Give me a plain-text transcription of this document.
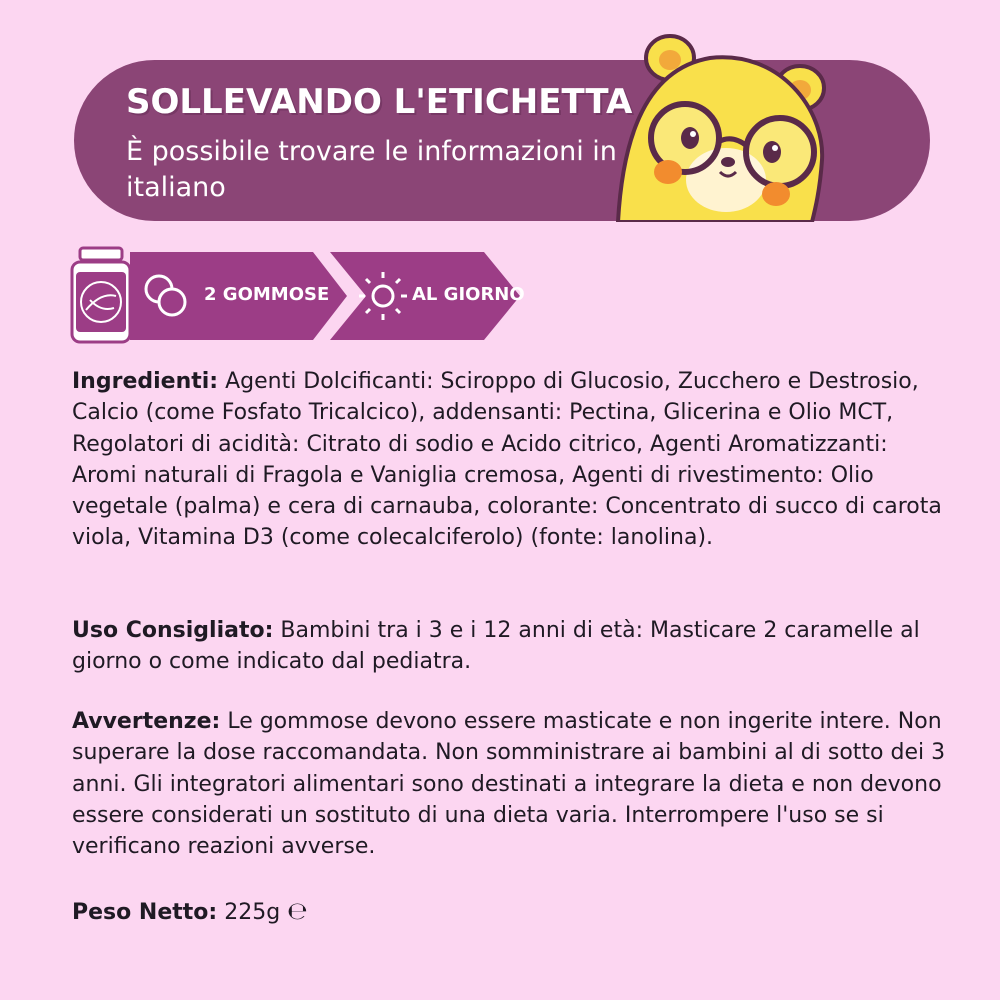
SOLLEVANDO L'ETICHETTA
È possibile trovare le informazioni in italiano
2 GOMMOSE	AL GIORNO
Ingredienti: Agenti Dolcificanti: Sciroppo di Glucosio, Zucchero e Destrosio, Calcio (come Fosfato Tricalcico), addensanti: Pectina, Glicerina e Olio MCT, Regolatori di acidità: Citrato di sodio e Acido citrico, Agenti Aromatizzanti: Aromi naturali di Fragola e Vaniglia cremosa, Agenti di rivestimento: Olio vegetale (palma) e cera di carnauba, colorante: Concentrato di succo di carota viola, Vitamina D3 (come colecalciferolo) (fonte: lanolina).
Uso Consigliato: Bambini tra i 3 e i 12 anni di età: Masticare 2 caramelle al giorno o come indicato dal pediatra.
Avvertenze: Le gommose devono essere masticate e non ingerite intere. Non superare la dose raccomandata. Non somministrare ai bambini al di sotto dei 3 anni. Gli integratori alimentari sono destinati a integrare la dieta e non devono essere considerati un sostituto di una dieta varia. Interrompere l'uso se si verificano reazioni avverse.
Peso Netto: 225g ℮
